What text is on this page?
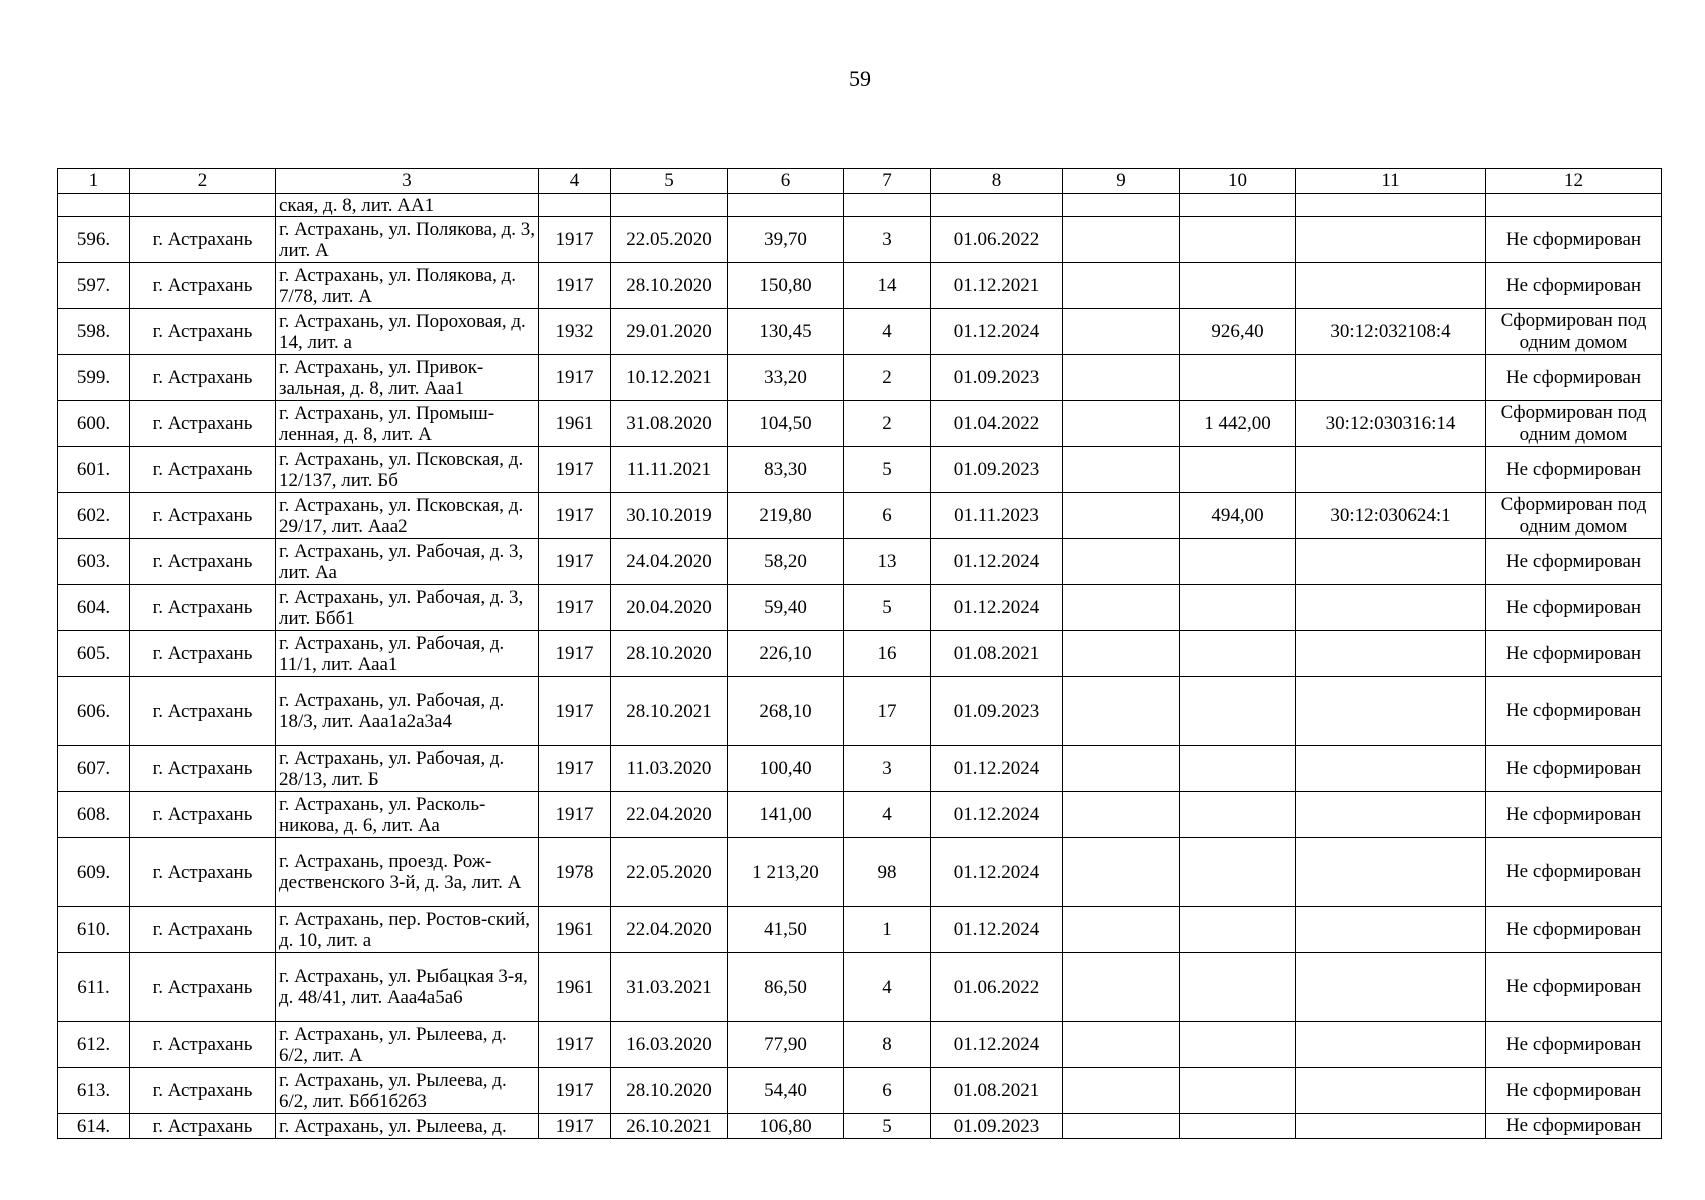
59
1	2	3	4	5	6	7	8	9	10	11	12
		ская, д. 8, лит. АА1									
596.	г. Астрахань	г. Астрахань, ул. Полякова, д. 3, лит. А	1917	22.05.2020	39,70	3	01.06.2022				Не сформирован
597.	г. Астрахань	г. Астрахань, ул. Полякова, д. 7/78, лит. А	1917	28.10.2020	150,80	14	01.12.2021				Не сформирован
598.	г. Астрахань	г. Астрахань, ул. Пороховая, д. 14, лит. а	1932	29.01.2020	130,45	4	01.12.2024		926,40	30:12:032108:4	Сформирован под одним домом
599.	г. Астрахань	г. Астрахань, ул. Привок-зальная, д. 8, лит. Ааа1	1917	10.12.2021	33,20	2	01.09.2023				Не сформирован
600.	г. Астрахань	г. Астрахань, ул. Промыш-ленная, д. 8, лит. А	1961	31.08.2020	104,50	2	01.04.2022		1 442,00	30:12:030316:14	Сформирован под одним домом
601.	г. Астрахань	г. Астрахань, ул. Псковская, д. 12/137, лит. Бб	1917	11.11.2021	83,30	5	01.09.2023				Не сформирован
602.	г. Астрахань	г. Астрахань, ул. Псковская, д. 29/17, лит. Ааа2	1917	30.10.2019	219,80	6	01.11.2023		494,00	30:12:030624:1	Сформирован под одним домом
603.	г. Астрахань	г. Астрахань, ул. Рабочая, д. 3, лит. Аа	1917	24.04.2020	58,20	13	01.12.2024				Не сформирован
604.	г. Астрахань	г. Астрахань, ул. Рабочая, д. 3, лит. Ббб1	1917	20.04.2020	59,40	5	01.12.2024				Не сформирован
605.	г. Астрахань	г. Астрахань, ул. Рабочая, д. 11/1, лит. Ааа1	1917	28.10.2020	226,10	16	01.08.2021				Не сформирован
606.	г. Астрахань	г. Астрахань, ул. Рабочая, д. 18/3, лит. Ааа1а2а3а4	1917	28.10.2021	268,10	17	01.09.2023				Не сформирован
607.	г. Астрахань	г. Астрахань, ул. Рабочая, д. 28/13, лит. Б	1917	11.03.2020	100,40	3	01.12.2024				Не сформирован
608.	г. Астрахань	г. Астрахань, ул. Расколь-никова, д. 6, лит. Аа	1917	22.04.2020	141,00	4	01.12.2024				Не сформирован
609.	г. Астрахань	г. Астрахань, проезд. Рож-дественского 3-й, д. 3а, лит. А	1978	22.05.2020	1 213,20	98	01.12.2024				Не сформирован
610.	г. Астрахань	г. Астрахань, пер. Ростов-ский, д. 10, лит. а	1961	22.04.2020	41,50	1	01.12.2024				Не сформирован
611.	г. Астрахань	г. Астрахань, ул. Рыбацкая 3-я, д. 48/41, лит. Ааа4а5а6	1961	31.03.2021	86,50	4	01.06.2022				Не сформирован
612.	г. Астрахань	г. Астрахань, ул. Рылеева, д. 6/2, лит. А	1917	16.03.2020	77,90	8	01.12.2024				Не сформирован
613.	г. Астрахань	г. Астрахань, ул. Рылеева, д. 6/2, лит. Ббб1б2б3	1917	28.10.2020	54,40	6	01.08.2021				Не сформирован
614.	г. Астрахань	г. Астрахань, ул. Рылеева, д.	1917	26.10.2021	106,80	5	01.09.2023				Не сформирован
